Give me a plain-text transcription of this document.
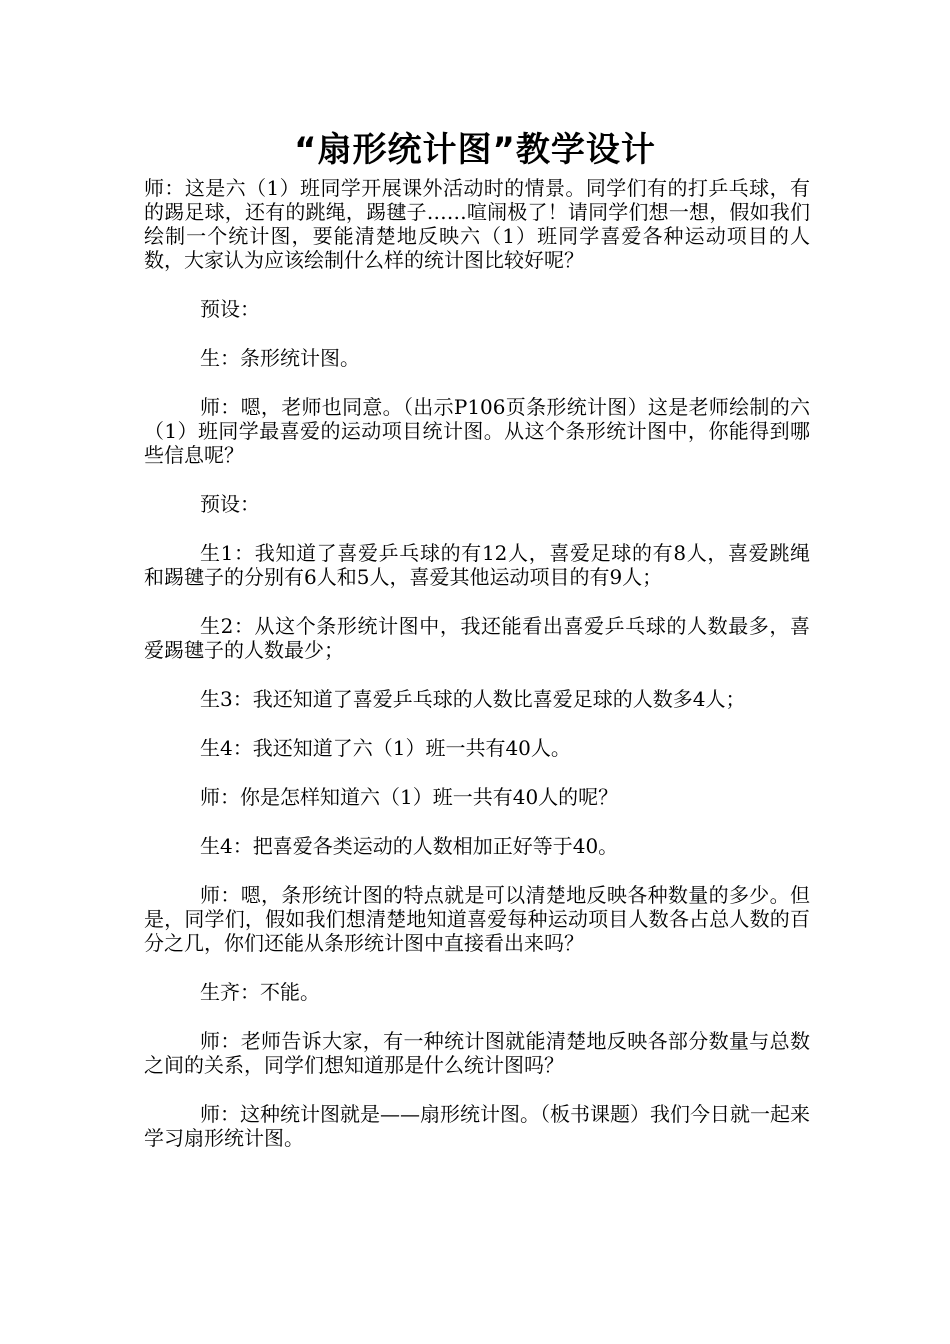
“扇形统计图”教学设计

师：这是六（1）班同学开展课外活动时的情景。同学们有的打乒乓球，有的踢足球，还有的跳绳，踢毽子……喧闹极了！请同学们想一想，假如我们绘制一个统计图，要能清楚地反映六（1）班同学喜爱各种运动项目的人数，大家认为应该绘制什么样的统计图比较好呢？

预设：

生：条形统计图。

师：嗯，老师也同意。（出示P106页条形统计图）这是老师绘制的六（1）班同学最喜爱的运动项目统计图。从这个条形统计图中，你能得到哪些信息呢？

预设：

生1：我知道了喜爱乒乓球的有12人，喜爱足球的有8人，喜爱跳绳和踢毽子的分别有6人和5人，喜爱其他运动项目的有9人；

生2：从这个条形统计图中，我还能看出喜爱乒乓球的人数最多，喜爱踢毽子的人数最少；

生3：我还知道了喜爱乒乓球的人数比喜爱足球的人数多4人；

生4：我还知道了六（1）班一共有40人。

师：你是怎样知道六（1）班一共有40人的呢？

生4：把喜爱各类运动的人数相加正好等于40。

师：嗯，条形统计图的特点就是可以清楚地反映各种数量的多少。但是，同学们，假如我们想清楚地知道喜爱每种运动项目人数各占总人数的百分之几，你们还能从条形统计图中直接看出来吗？

生齐：不能。

师：老师告诉大家，有一种统计图就能清楚地反映各部分数量与总数之间的关系，同学们想知道那是什么统计图吗？

师：这种统计图就是——扇形统计图。（板书课题）我们今日就一起来学习扇形统计图。
